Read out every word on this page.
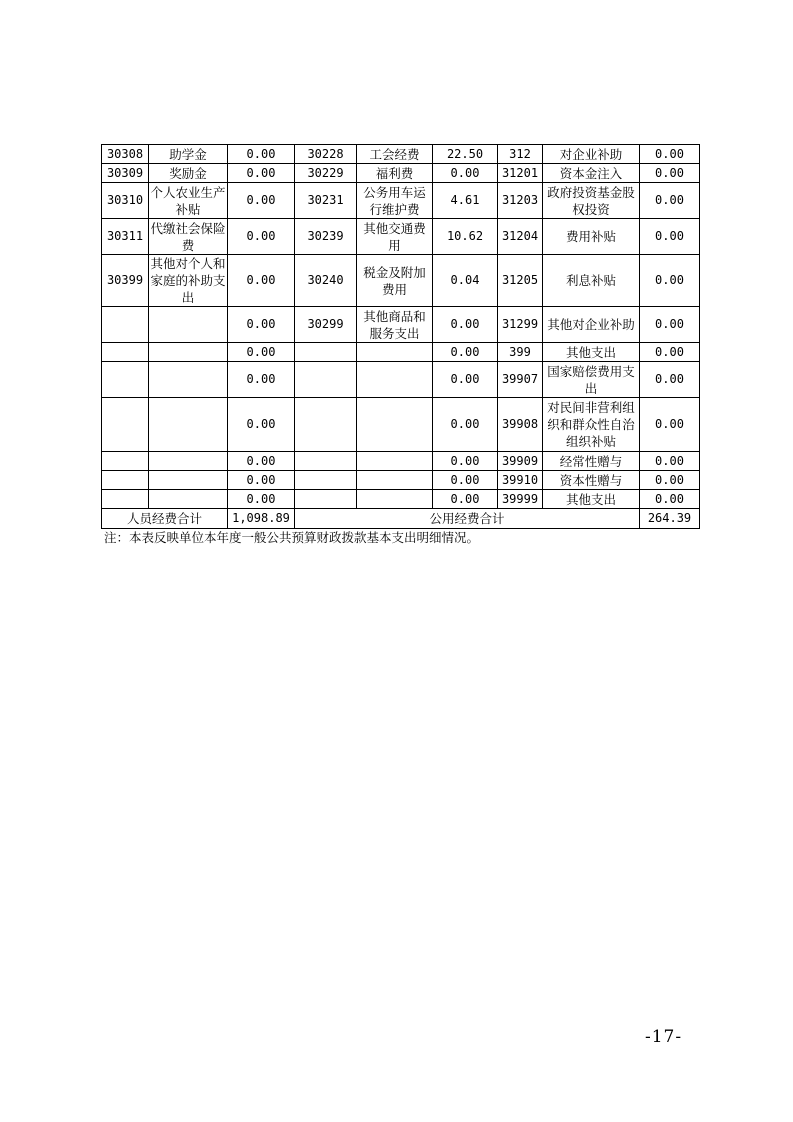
30308	助学金	0.00	30228	工会经费	22.50	312	对企业补助	0.00
30309	奖励金	0.00	30229	福利费	0.00	31201	资本金注入	0.00
30310	个人农业生产补贴	0.00	30231	公务用车运行维护费	4.61	31203	政府投资基金股权投资	0.00
30311	代缴社会保险费	0.00	30239	其他交通费用	10.62	31204	费用补贴	0.00
30399	其他对个人和家庭的补助支出	0.00	30240	税金及附加费用	0.04	31205	利息补贴	0.00
		0.00	30299	其他商品和服务支出	0.00	31299	其他对企业补助	0.00
		0.00			0.00	399	其他支出	0.00
		0.00			0.00	39907	国家赔偿费用支出	0.00
		0.00			0.00	39908	对民间非营利组织和群众性自治组织补贴	0.00
		0.00			0.00	39909	经常性赠与	0.00
		0.00			0.00	39910	资本性赠与	0.00
		0.00			0.00	39999	其他支出	0.00
人员经费合计		1,098.89	公用经费合计					264.39
注：本表反映单位本年度一般公共预算财政拨款基本支出明细情况。
-17-
